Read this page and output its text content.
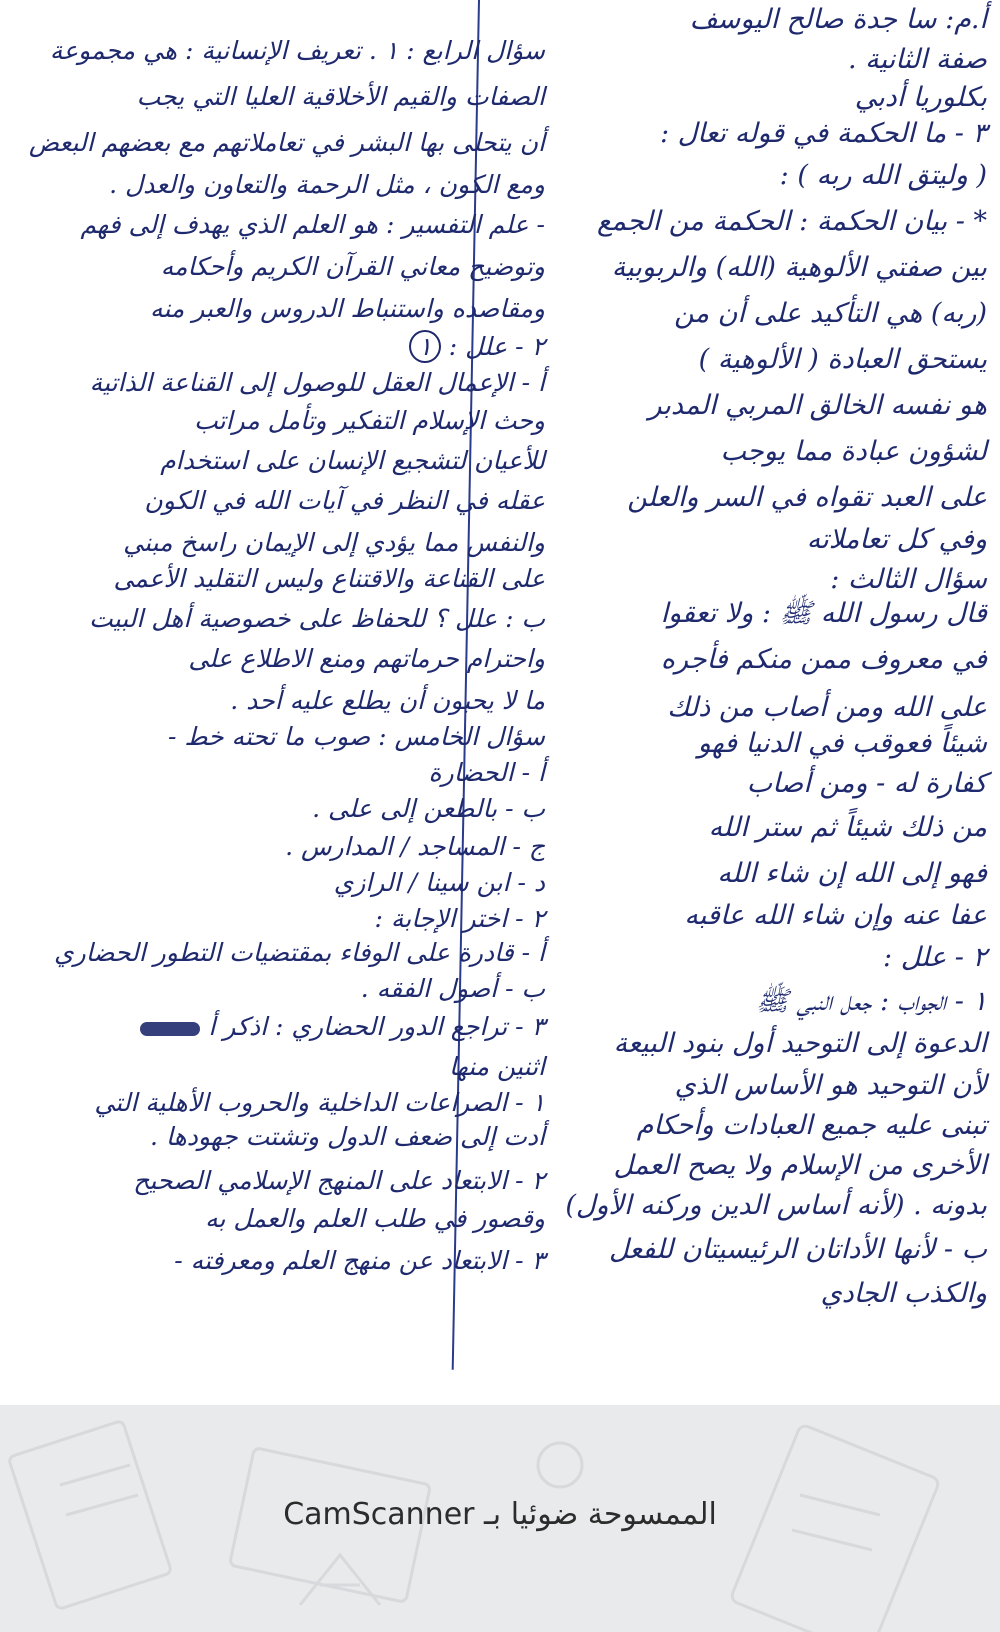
أ.م: سا جدة صالح اليوسف
صفة الثانية .
بكلوريا أدبي
٣ - ما الحكمة في قوله تعال :
( وليتق الله ربه ) :
* - بيان الحكمة : الحكمة من الجمع
بين صفتي الألوهية (الله) والربوبية
(ربه) هي التأكيد على أن من
يستحق العبادة ( الألوهية )
هو نفسه الخالق المربي المدبر
لشؤون عبادة مما يوجب
على العبد تقواه في السر والعلن
وفي كل تعاملاته
سؤال الثالث :
قال رسول الله ﷺ : ولا تعقوا
في معروف ممن منكم فأجره
على الله ومن أصاب من ذلك
شيئاً فعوقب في الدنيا فهو
كفارة له - ومن أصاب
من ذلك شيئاً ثم ستر الله
فهو إلى الله إن شاء الله
عفا عنه وإن شاء الله عاقبه
٢ - علل :
١ - الجواب : جعل النبي ﷺ
الدعوة إلى التوحيد أول بنود البيعة
لأن التوحيد هو الأساس الذي
تبنى عليه جميع العبادات وأحكام
الأخرى من الإسلام ولا يصح العمل
بدونه . (لأنه أساس الدين وركنه الأول)
ب - لأنها الأداتان الرئيسيتان للفعل
والكذب الجادي
سؤال الرابع : ١ . تعريف الإنسانية : هي مجموعة
الصفات والقيم الأخلاقية العليا التي يجب
أن يتحلى بها البشر في تعاملاتهم مع بعضهم البعض
ومع الكون ، مثل الرحمة والتعاون والعدل .
- علم التفسير : هو العلم الذي يهدف إلى فهم
وتوضيح معاني القرآن الكريم وأحكامه
ومقاصده واستنباط الدروس والعبر منه
٢ - علل : ١
أ - الإعمال العقل للوصول إلى القناعة الذاتية
وحث الإسلام التفكير وتأمل مراتب
للأعيان لتشجيع الإنسان على استخدام
عقله في النظر في آيات الله في الكون
والنفس مما يؤدي إلى الإيمان راسخ مبني
على القناعة والاقتناع وليس التقليد الأعمى
ب : علل ؟ للحفاظ على خصوصية أهل البيت
واحترام حرماتهم ومنع الاطلاع على
ما لا يحبون أن يطلع عليه أحد .
سؤال الخامس : صوب ما تحته خط -
أ - الحضارة
ب - بالطعن إلى على .
ج - المساجد / المدارس .
د - ابن سينا / الرازي
٢ - اختر الإجابة :
أ - قادرة على الوفاء بمقتضيات التطور الحضاري
ب - أصول الفقه .
٣ - تراجع الدور الحضاري : اذكر أ
اثنين منها
١ - الصراعات الداخلية والحروب الأهلية التي
أدت إلى ضعف الدول وتشتت جهودها .
٢ - الابتعاد على المنهج الإسلامي الصحيح
وقصور في طلب العلم والعمل به
٣ - الابتعاد عن منهج العلم ومعرفته -
الممسوحة ضوئيا بـ CamScanner
